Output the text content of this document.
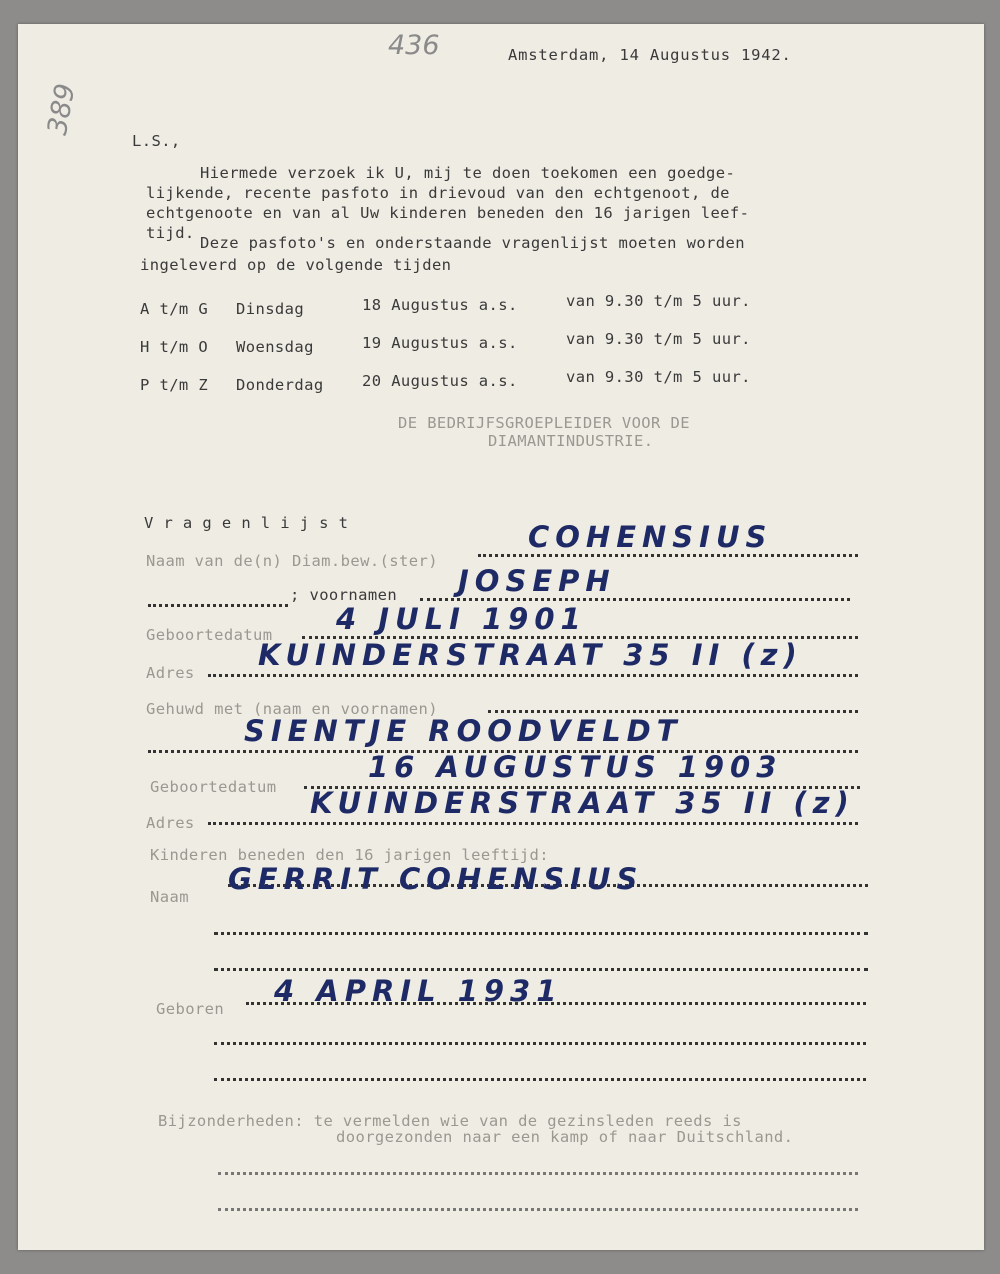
436
389
Amsterdam, 14 Augustus 1942.
L.S.,
Hiermede verzoek ik U, mij te doen toekomen een goedge-
lijkende, recente pasfoto in drievoud van den echtgenoot, de
echtgenoote en van al Uw kinderen beneden den 16 jarigen leef-
tijd.
Deze pasfoto's en onderstaande vragenlijst moeten worden
ingeleverd op de volgende tijden
A t/m G Dinsdag	18 Augustus a.s.	van 9.30 t/m 5 uur.
H t/m O Woensdag	19 Augustus a.s.	van 9.30 t/m 5 uur.
P t/m Z Donderdag 20 Augustus a.s.	van 9.30 t/m 5 uur.
DE BEDRIJFSGROEPLEIDER VOOR DE
DIAMANTINDUSTRIE.
V r a g e n l i j s t
Naam van de(n) Diam.bew.(ster)
COHENSIUS
; voornamen JOSEPH
Geboortedatum 4 JULI 1901
Adres
KUINDERSTRAAT 35 II (z)
Gehuwd met (naam en voornamen)
SIENTJE ROODVELDT
Geboortedatum
16 AUGUSTUS 1903
Adres
KUINDERSTRAAT 35 II (z)
Kinderen beneden den 16 jarigen leeftijd:
Naam
GERRIT COHENSIUS
Geboren
4 APRIL 1931
Bijzonderheden: te vermelden wie van de gezinsleden reeds is
doorgezonden naar een kamp of naar Duitschland.
